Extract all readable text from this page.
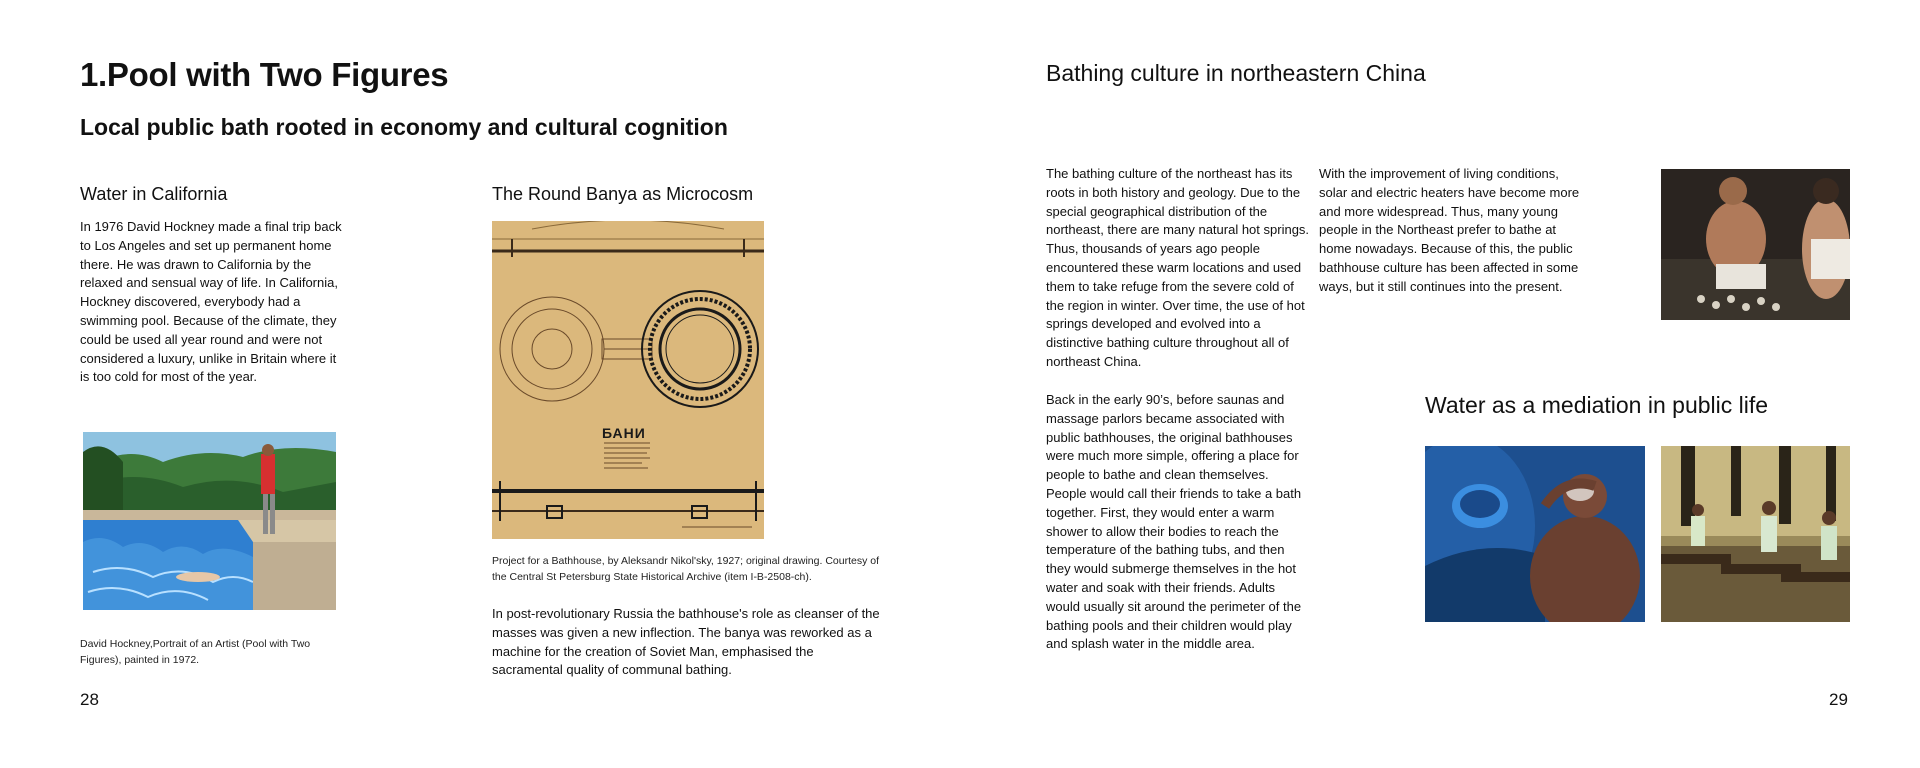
1.Pool with Two Figures
Local public bath rooted in economy and cultural cognition
Water in California
In 1976 David Hockney made a final trip back to Los Angeles and set up permanent home there. He was drawn to California by the relaxed and sensual way of life. In California, Hockney discovered, everybody had a swimming pool. Because of the climate, they could be used all year round and were not considered a luxury, unlike in Britain where it is too cold for most of the year.
David Hockney,Portrait of an Artist (Pool with Two Figures), painted in 1972.
The Round Banya as Microcosm
БАНИ
Project for a Bathhouse, by Aleksandr Nikol'sky, 1927; original drawing. Courtesy of the Central St Petersburg State Historical Archive (item I-B-2508-ch).
In post-revolutionary Russia the bathhouse's role as cleanser of the masses was given a new inflection. The banya was reworked as a machine for the creation of Soviet Man, emphasised the sacramental quality of communal bathing.
28
Bathing culture in northeastern China
The bathing culture of the northeast has its roots in both history and geology. Due to the special geographical distribution of the northeast, there are many natural hot springs. Thus, thousands of years ago people encountered these warm locations and used them to take refuge from the severe cold of the region in winter. Over time, the use of hot springs developed and evolved into a distinctive bathing culture throughout all of northeast China.
Back in the early 90’s, before saunas and massage parlors became associated with public bathhouses, the original bathhouses were much more simple, offering a place for people to bathe and clean themselves. People would call their friends to take a bath together. First, they would enter a warm shower to allow their bodies to reach the temperature of the bathing tubs, and then they would submerge themselves in the hot water and soak with their friends. Adults would usually sit around the perimeter of the bathing pools and their children would play and splash water in the middle area.
With the improvement of living conditions, solar and electric heaters have become more and more widespread. Thus, many young people in the Northeast prefer to bathe at home nowadays. Because of this, the public bathhouse culture has been affected in some ways, but it still continues into the present.
Water as a mediation in public life
29
